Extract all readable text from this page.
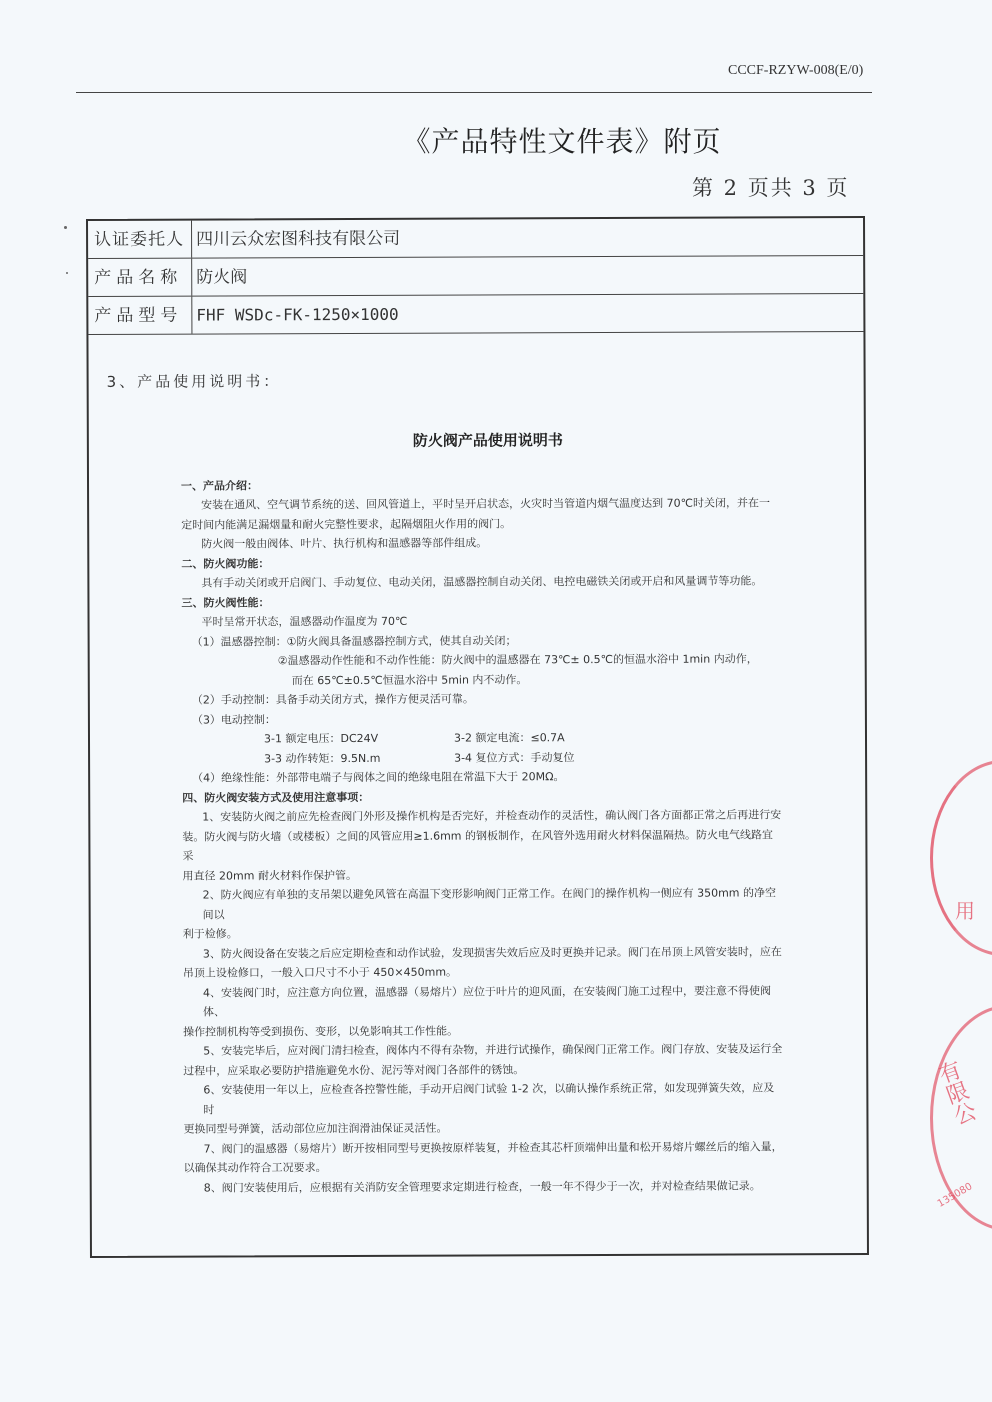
CCCF-RZYW-008(E/0)
《产品特性文件表》附页
第 2 页共 3 页
认证委托人 四川云众宏图科技有限公司
产品名称 防火阀
产品型号 FHF WSDc-FK-1250×1000
3、产品使用说明书：
防火阀产品使用说明书

一、产品介绍：

安装在通风、空气调节系统的送、回风管道上，平时呈开启状态，火灾时当管道内烟气温度达到 70℃时关闭，并在一

定时间内能满足漏烟量和耐火完整性要求，起隔烟阻火作用的阀门。

防火阀一般由阀体、叶片、执行机构和温感器等部件组成。

二、防火阀功能：

具有手动关闭或开启阀门、手动复位、电动关闭，温感器控制自动关闭、电控电磁铁关闭或开启和风量调节等功能。

三、防火阀性能：

平时呈常开状态，温感器动作温度为 70℃

（1）温感器控制：①防火阀具备温感器控制方式，使其自动关闭；

②温感器动作性能和不动作性能：防火阀中的温感器在 73℃± 0.5℃的恒温水浴中 1min 内动作，

而在 65℃±0.5℃恒温水浴中 5min 内不动作。

（2）手动控制：具备手动关闭方式，操作方便灵活可靠。

（3）电动控制：

3-1 额定电压：DC24V	3-2 额定电流：≤0.7A
3-3 动作转矩：9.5N.m	3-4 复位方式：手动复位

（4）绝缘性能：外部带电端子与阀体之间的绝缘电阻在常温下大于 20MΩ。

四、防火阀安装方式及使用注意事项：

1、安装防火阀之前应先检查阀门外形及操作机构是否完好，并检查动作的灵活性，确认阀门各方面都正常之后再进行安

装。防火阀与防火墙（或楼板）之间的风管应用≥1.6mm 的钢板制作，在风管外选用耐火材料保温隔热。防火电气线路宜采

用直径 20mm 耐火材料作保护管。

2、防火阀应有单独的支吊架以避免风管在高温下变形影响阀门正常工作。在阀门的操作机构一侧应有 350mm 的净空间以

利于检修。

3、防火阀设备在安装之后应定期检查和动作试验，发现损害失效后应及时更换并记录。阀门在吊顶上风管安装时，应在

吊顶上设检修口，一般入口尺寸不小于 450×450mm。

4、安装阀门时，应注意方向位置，温感器（易熔片）应位于叶片的迎风面，在安装阀门施工过程中，要注意不得使阀体、

操作控制机构等受到损伤、变形，以免影响其工作性能。

5、安装完毕后，应对阀门清扫检查，阀体内不得有杂物，并进行试操作，确保阀门正常工作。阀门存放、安装及运行全

过程中，应采取必要防护措施避免水份、泥污等对阀门各部件的锈蚀。

6、安装使用一年以上，应检查各控警性能，手动开启阀门试验 1-2 次，以确认操作系统正常，如发现弹簧失效，应及时

更换同型号弹簧，活动部位应加注润滑油保证灵活性。

7、阀门的温感器（易熔片）断开按相同型号更换按原样装复，并检查其芯杆顶端伸出量和松开易熔片螺丝后的缩入量，

以确保其动作符合工况要求。

8、阀门安装使用后，应根据有关消防安全管理要求定期进行检查，一般一年不得少于一次，并对检查结果做记录。

用
有限公
135080
